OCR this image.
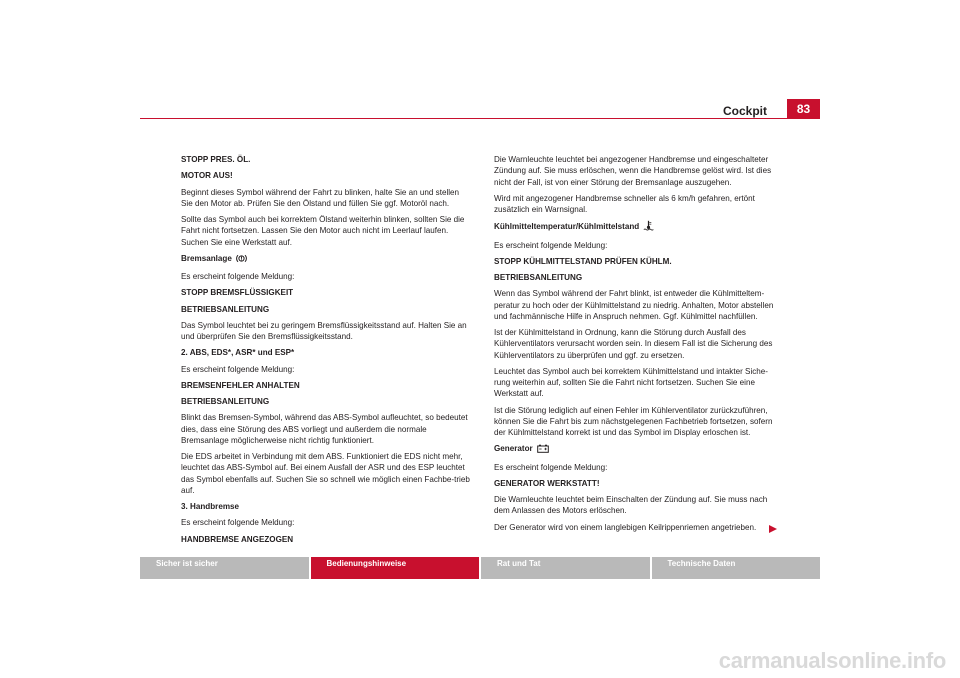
Cockpit	83

STOPP PRES. ÖL.

MOTOR AUS!

Beginnt dieses Symbol während der Fahrt zu blinken, halte Sie an und stellen Sie den Motor ab. Prüfen Sie den Ölstand und füllen Sie ggf. Motoröl nach.

Sollte das Symbol auch bei korrektem Ölstand weiterhin blinken, sollten Sie die Fahrt nicht fortsetzen. Lassen Sie den Motor auch nicht im Leerlauf laufen. Suchen Sie eine Werkstatt auf.

Bremsanlage

Es erscheint folgende Meldung:

STOPP BREMSFLÜSSIGKEIT

BETRIEBSANLEITUNG

Das Symbol leuchtet bei zu geringem Bremsflüssigkeitsstand auf. Halten Sie an und überprüfen Sie den Bremsflüssigkeitsstand.

2. ABS, EDS*, ASR* und ESP*

Es erscheint folgende Meldung:

BREMSENFEHLER ANHALTEN

BETRIEBSANLEITUNG

Blinkt das Bremsen-Symbol, während das ABS-Symbol aufleuchtet, so bedeutet dies, dass eine Störung des ABS vorliegt und außerdem die normale Bremsanlage möglicherweise nicht richtig funktioniert.

Die EDS arbeitet in Verbindung mit dem ABS. Funktioniert die EDS nicht mehr, leuchtet das ABS-Symbol auf. Bei einem Ausfall der ASR und des ESP leuchtet das Symbol ebenfalls auf. Suchen Sie so schnell wie möglich einen Fachbe-trieb auf.

3. Handbremse

Es erscheint folgende Meldung:

HANDBREMSE ANGEZOGEN

Die Warnleuchte leuchtet bei angezogener Handbremse und eingeschalteter Zündung auf. Sie muss erlöschen, wenn die Handbremse gelöst wird. Ist dies nicht der Fall, ist von einer Störung der Bremsanlage auszugehen.

Wird mit angezogener Handbremse schneller als 6 km/h gefahren, ertönt zusätzlich ein Warnsignal.

Kühlmitteltemperatur/Kühlmittelstand

Es erscheint folgende Meldung:

STOPP KÜHLMITTELSTAND PRÜFEN KÜHLM.

BETRIEBSANLEITUNG

Wenn das Symbol während der Fahrt blinkt, ist entweder die Kühlmitteltem-peratur zu hoch oder der Kühlmittelstand zu niedrig. Anhalten, Motor abstellen und fachmännische Hilfe in Anspruch nehmen. Ggf. Kühlmittel nachfüllen.

Ist der Kühlmittelstand in Ordnung, kann die Störung durch Ausfall des Kühlerventilators verursacht worden sein. In diesem Fall ist die Sicherung des Kühlerventilators zu überprüfen und ggf. zu ersetzen.

Leuchtet das Symbol auch bei korrektem Kühlmittelstand und intakter Siche-rung weiterhin auf, sollten Sie die Fahrt nicht fortsetzen. Suchen Sie eine Werkstatt auf.

Ist die Störung lediglich auf einen Fehler im Kühlerventilator zurückzuführen, können Sie die Fahrt bis zum nächstgelegenen Fachbetrieb fortsetzen, sofern der Kühlmittelstand korrekt ist und das Symbol im Display erloschen ist.

Generator

Es erscheint folgende Meldung:

GENERATOR WERKSTATT!

Die Warnleuchte leuchtet beim Einschalten der Zündung auf. Sie muss nach dem Anlassen des Motors erlöschen.

Der Generator wird von einem langlebigen Keilrippenriemen angetrieben.

Sicher ist sicher	Bedienungshinweise	Rat und Tat	Technische Daten
carmanualsonline.info
